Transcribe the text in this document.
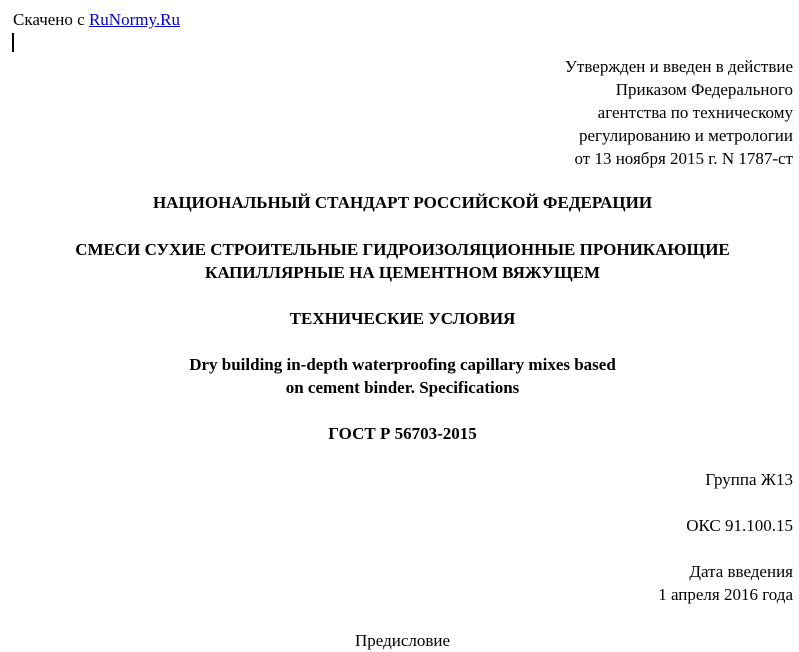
Скачено с RuNormy.Ru
Утвержден и введен в действие
Приказом Федерального
агентства по техническому
регулированию и метрологии
от 13 ноября 2015 г. N 1787-ст
НАЦИОНАЛЬНЫЙ СТАНДАРТ РОССИЙСКОЙ ФЕДЕРАЦИИ
СМЕСИ СУХИЕ СТРОИТЕЛЬНЫЕ ГИДРОИЗОЛЯЦИОННЫЕ ПРОНИКАЮЩИЕ
КАПИЛЛЯРНЫЕ НА ЦЕМЕНТНОМ ВЯЖУЩЕМ
ТЕХНИЧЕСКИЕ УСЛОВИЯ
Dry building in-depth waterproofing capillary mixes based
on cement binder. Specifications
ГОСТ Р 56703-2015
Группа Ж13
ОКС 91.100.15
Дата введения
1 апреля 2016 года
Предисловие
